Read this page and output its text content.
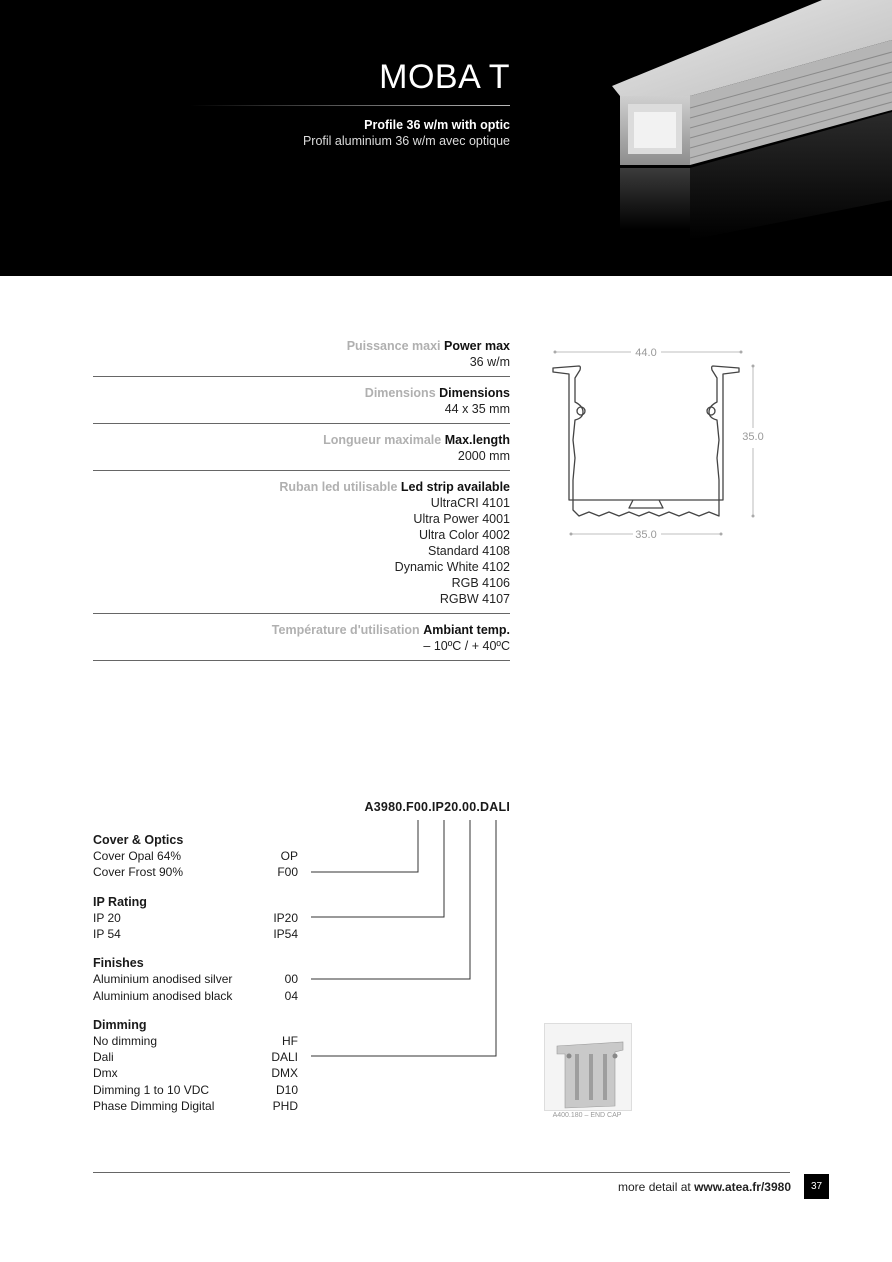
MOBA T
Profile 36 w/m with optic
Profil aluminium 36 w/m avec optique
Puissance maxi Power max
36 w/m
Dimensions Dimensions
44 x 35 mm
Longueur maximale Max.length
2000 mm
Ruban led utilisable Led strip available
UltraCRI 4101
Ultra Power 4001
Ultra Color 4002
Standard 4108
Dynamic White 4102
RGB 4106
RGBW 4107
Température d'utilisation Ambiant temp.
– 10ºC / + 40ºC
44.0
35.0
35.0
A3980.F00.IP20.00.DALI
Cover & Optics
Cover Opal 64%	OP
Cover Frost 90%	F00
IP Rating
IP 20	IP20
IP 54	IP54
Finishes
Aluminium anodised silver	00
Aluminium anodised black	04
Dimming
No dimming	HF
Dali	DALI
Dmx	DMX
Dimming 1 to 10 VDC	D10
Phase Dimming Digital	PHD
A400.180 – END CAP
more detail at www.atea.fr/3980	37
